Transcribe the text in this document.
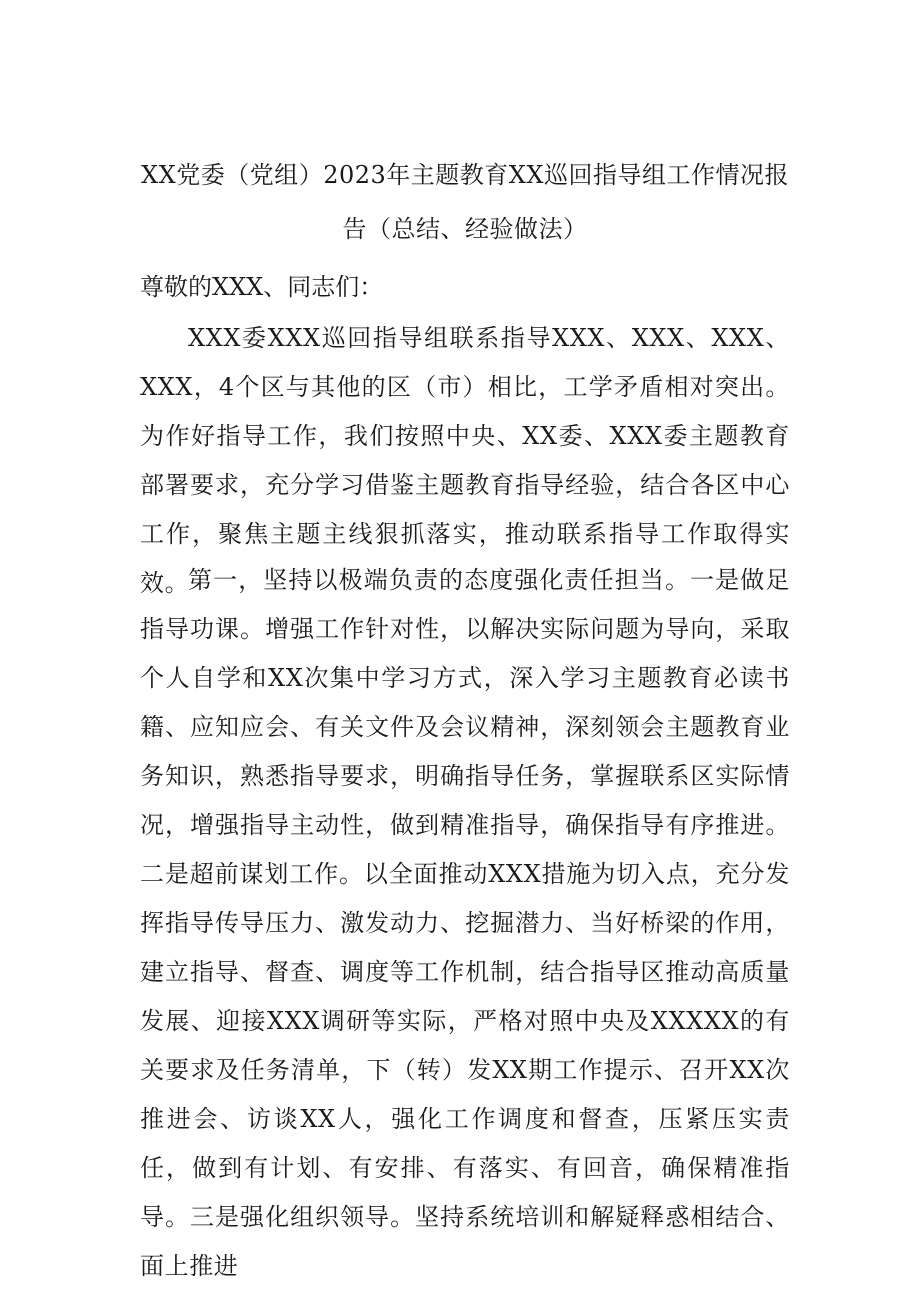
XX党委（党组）2023年主题教育XX巡回指导组工作情况报告（总结、经验做法）
尊敬的XXX、同志们：

XXX委XXX巡回指导组联系指导XXX、XXX、XXX、XXX，4个区与其他的区（市）相比，工学矛盾相对突出。为作好指导工作，我们按照中央、XX委、XXX委主题教育部署要求，充分学习借鉴主题教育指导经验，结合各区中心工作，聚焦主题主线狠抓落实，推动联系指导工作取得实效。

第一，坚持以极端负责的态度强化责任担当。一是做足指导功课。增强工作针对性，以解决实际问题为导向，采取个人自学和XX次集中学习方式，深入学习主题教育必读书籍、应知应会、有关文件及会议精神，深刻领会主题教育业务知识，熟悉指导要求，明确指导任务，掌握联系区实际情况，增强指导主动性，做到精准指导，确保指导有序推进。二是超前谋划工作。以全面推动XXX措施为切入点，充分发挥指导传导压力、激发动力、挖掘潜力、当好桥梁的作用，建立指导、督查、调度等工作机制，结合指导区推动高质量发展、迎接XXX调研等实际，严格对照中央及XXXXX的有关要求及任务清单，下（转）发XX期工作提示、召开XX次推进会、访谈XX人，强化工作调度和督查，压紧压实责任，做到有计划、有安排、有落实、有回音，确保精准指导。三是强化组织领导。坚持系统培训和解疑释惑相结合、面上推进
